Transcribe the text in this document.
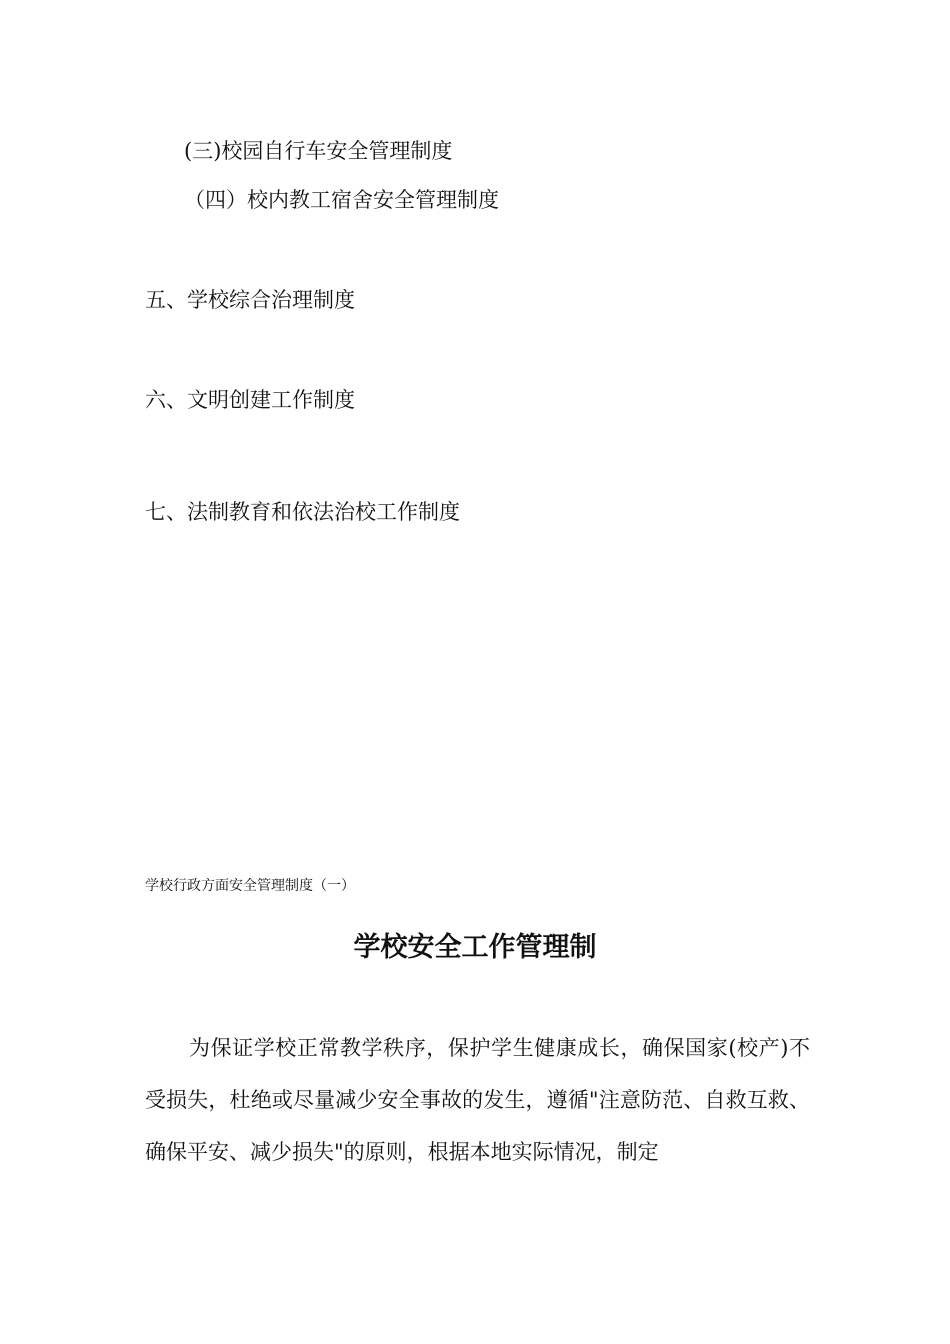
(三)校园自行车安全管理制度
（四）校内教工宿舍安全管理制度
五、学校综合治理制度
六、文明创建工作制度
七、法制教育和依法治校工作制度
学校行政方面安全管理制度（一）
学校安全工作管理制

为保证学校正常教学秩序，保护学生健康成长，确保国家(校产)不受损失，杜绝或尽量减少安全事故的发生，遵循"注意防范、自救互救、确保平安、减少损失"的原则，根据本地实际情况，制定
